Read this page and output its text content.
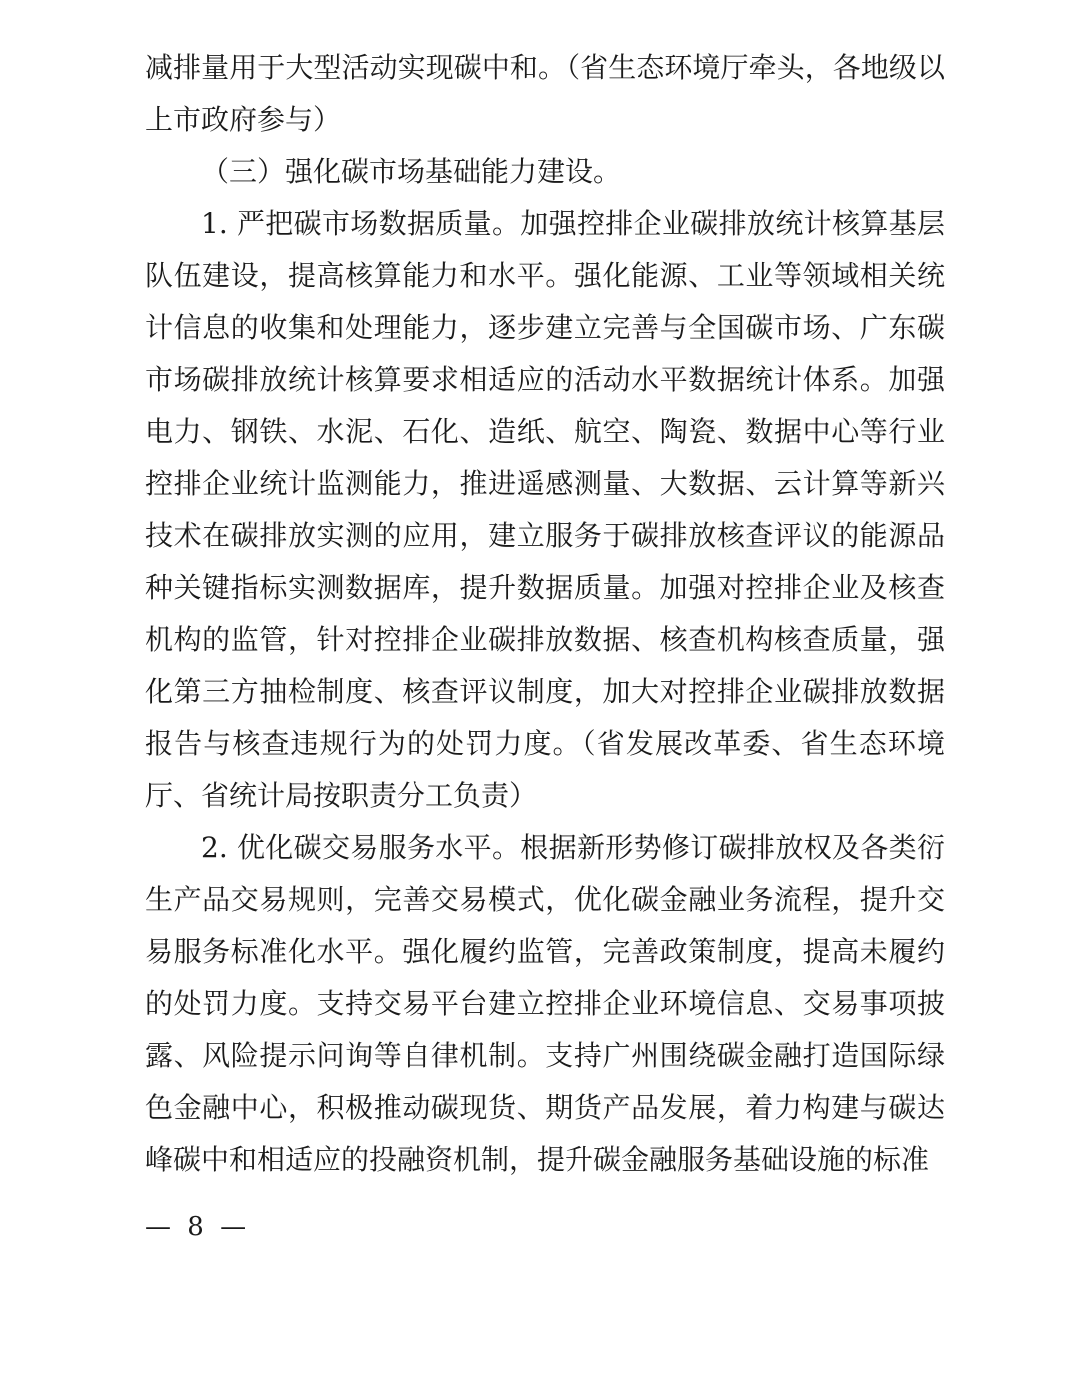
减排量用于大型活动实现碳中和。（省生态环境厅牵头，各地级以上市政府参与）

（三）强化碳市场基础能力建设。

1. 严把碳市场数据质量。加强控排企业碳排放统计核算基层队伍建设，提高核算能力和水平。强化能源、工业等领域相关统计信息的收集和处理能力，逐步建立完善与全国碳市场、广东碳市场碳排放统计核算要求相适应的活动水平数据统计体系。加强电力、钢铁、水泥、石化、造纸、航空、陶瓷、数据中心等行业控排企业统计监测能力，推进遥感测量、大数据、云计算等新兴技术在碳排放实测的应用，建立服务于碳排放核查评议的能源品种关键指标实测数据库，提升数据质量。加强对控排企业及核查机构的监管，针对控排企业碳排放数据、核查机构核查质量，强化第三方抽检制度、核查评议制度，加大对控排企业碳排放数据报告与核查违规行为的处罚力度。（省发展改革委、省生态环境厅、省统计局按职责分工负责）

2. 优化碳交易服务水平。根据新形势修订碳排放权及各类衍生产品交易规则，完善交易模式，优化碳金融业务流程，提升交易服务标准化水平。强化履约监管，完善政策制度，提高未履约的处罚力度。支持交易平台建立控排企业环境信息、交易事项披露、风险提示问询等自律机制。支持广州围绕碳金融打造国际绿色金融中心，积极推动碳现货、期货产品发展，着力构建与碳达峰碳中和相适应的投融资机制，提升碳金融服务基础设施的标准

— 8 —
